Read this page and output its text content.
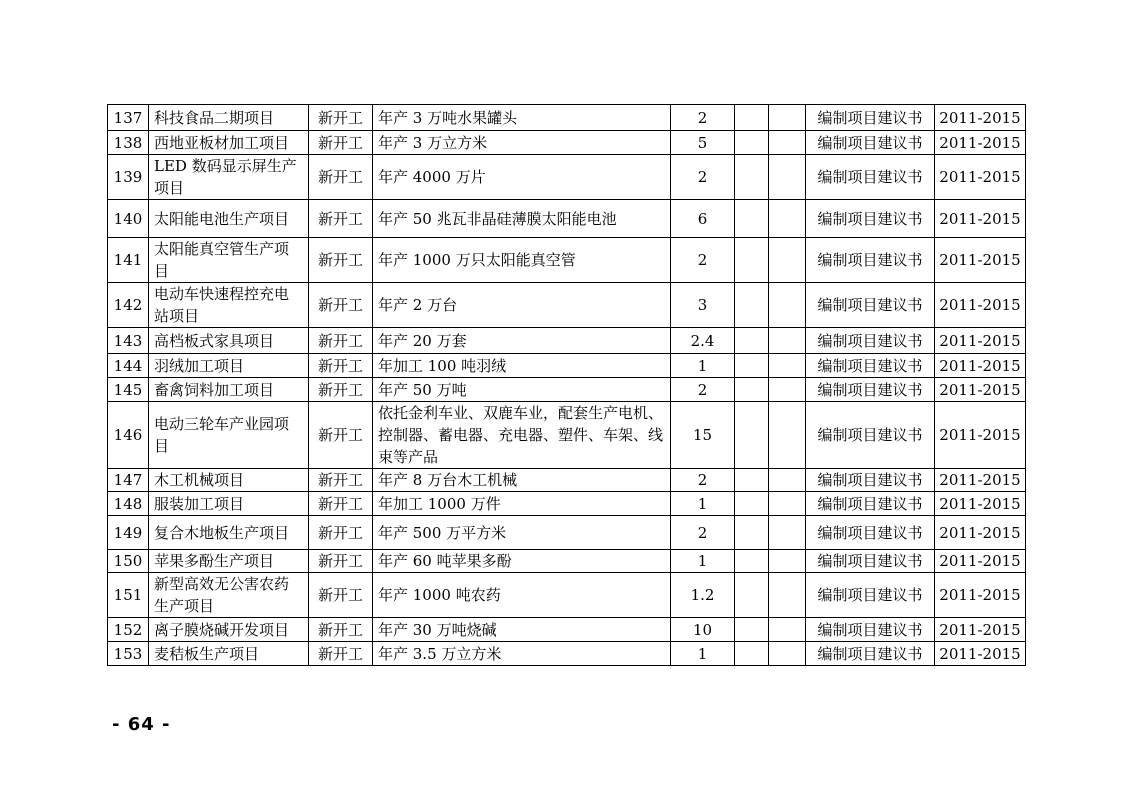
137	科技食品二期项目	新开工	年产 3 万吨水果罐头	2			编制项目建议书	2011-2015
138	西地亚板材加工项目	新开工	年产 3 万立方米	5			编制项目建议书	2011-2015
139	LED 数码显示屏生产项目	新开工	年产 4000 万片	2			编制项目建议书	2011-2015
140	太阳能电池生产项目	新开工	年产 50 兆瓦非晶硅薄膜太阳能电池	6			编制项目建议书	2011-2015
141	太阳能真空管生产项目	新开工	年产 1000 万只太阳能真空管	2			编制项目建议书	2011-2015
142	电动车快速程控充电站项目	新开工	年产 2 万台	3			编制项目建议书	2011-2015
143	高档板式家具项目	新开工	年产 20 万套	2.4			编制项目建议书	2011-2015
144	羽绒加工项目	新开工	年加工 100 吨羽绒	1			编制项目建议书	2011-2015
145	畜禽饲料加工项目	新开工	年产 50 万吨	2			编制项目建议书	2011-2015
146	电动三轮车产业园项目	新开工	依托金利车业、双鹿车业，配套生产电机、控制器、蓄电器、充电器、塑件、车架、线束等产品	15			编制项目建议书	2011-2015
147	木工机械项目	新开工	年产 8 万台木工机械	2			编制项目建议书	2011-2015
148	服装加工项目	新开工	年加工 1000 万件	1			编制项目建议书	2011-2015
149	复合木地板生产项目	新开工	年产 500 万平方米	2			编制项目建议书	2011-2015
150	苹果多酚生产项目	新开工	年产 60 吨苹果多酚	1			编制项目建议书	2011-2015
151	新型高效无公害农药生产项目	新开工	年产 1000 吨农药	1.2			编制项目建议书	2011-2015
152	离子膜烧碱开发项目	新开工	年产 30 万吨烧碱	10			编制项目建议书	2011-2015
153	麦秸板生产项目	新开工	年产 3.5 万立方米	1			编制项目建议书	2011-2015
- 64 -
